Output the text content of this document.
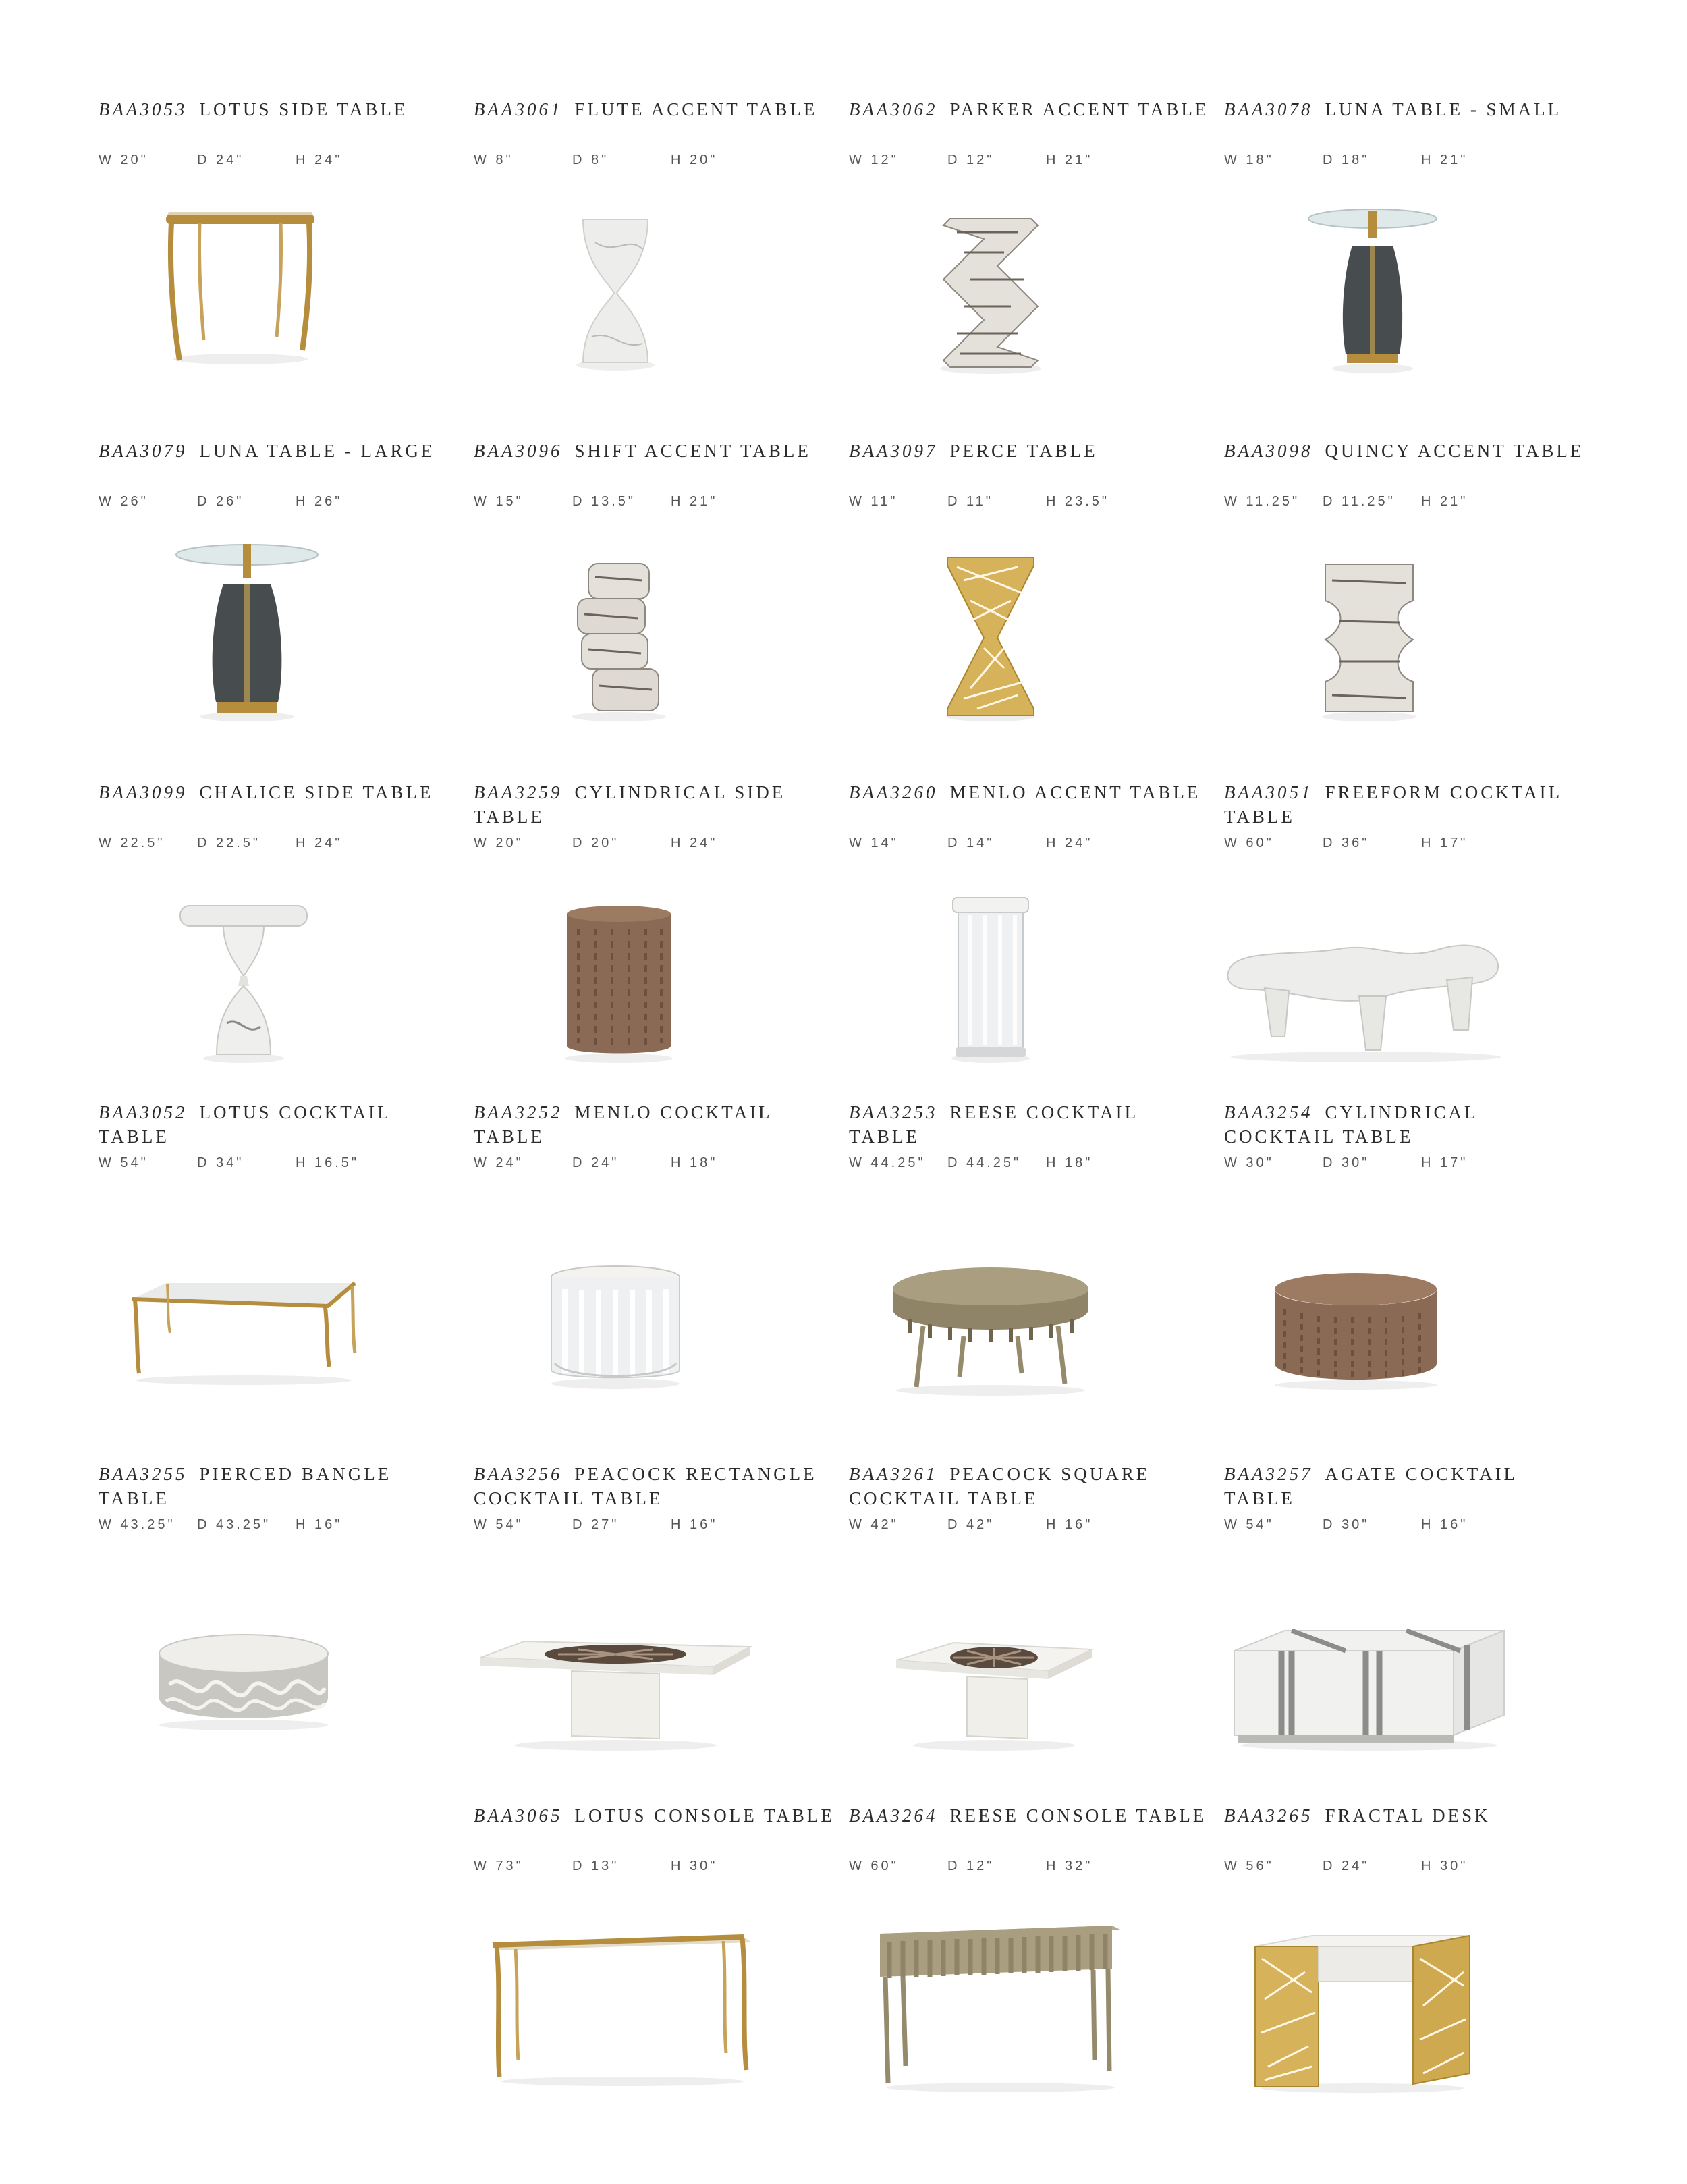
BAA3053 LOTUS SIDE TABLE
W 20"	D 24"	H 24"
BAA3061 FLUTE ACCENT TABLE
W 8"	D 8"	H 20"
BAA3062 PARKER ACCENT TABLE
W 12"	D 12"	H 21"
BAA3078 LUNA TABLE - SMALL
W 18"	D 18"	H 21"
BAA3079 LUNA TABLE - LARGE
W 26"	D 26"	H 26"
BAA3096 SHIFT ACCENT TABLE
W 15"	D 13.5"	H 21"
BAA3097 PERCE TABLE
W 11"	D 11"	H 23.5"
BAA3098 QUINCY ACCENT TABLE
W 11.25" D 11.25" H 21"
BAA3099 CHALICE SIDE TABLE
W 22.5" D 22.5"	H 24"
BAA3259 CYLINDRICAL SIDE TABLE
W 20"	D 20"	H 24"
BAA3260 MENLO ACCENT TABLE
W 14"	D 14"	H 24"
BAA3051 FREEFORM COCKTAIL TABLE
W 60"	D 36"	H 17"
BAA3052 LOTUS COCKTAIL TABLE
W 54"	D 34"	H 16.5"
BAA3252 MENLO COCKTAIL TABLE
W 24"	D 24"	H 18"
BAA3253 REESE COCKTAIL TABLE
W 44.25" D 44.25" H 18"
BAA3254 CYLINDRICAL COCKTAIL TABLE
W 30"	D 30"	H 17"
BAA3255 PIERCED BANGLE TABLE
W 43.25" D 43.25" H 16"
BAA3256 PEACOCK RECTANGLE COCKTAIL TABLE
W 54"	D 27"	H 16"
BAA3261 PEACOCK SQUARE COCKTAIL TABLE
W 42"	D 42"	H 16"
BAA3257 AGATE COCKTAIL TABLE
W 54"	D 30"	H 16"
BAA3065 LOTUS CONSOLE TABLE
W 73"	D 13"	H 30"
BAA3264 REESE CONSOLE TABLE
W 60"	D 12"	H 32"
BAA3265 FRACTAL DESK
W 56"	D 24"	H 30"
